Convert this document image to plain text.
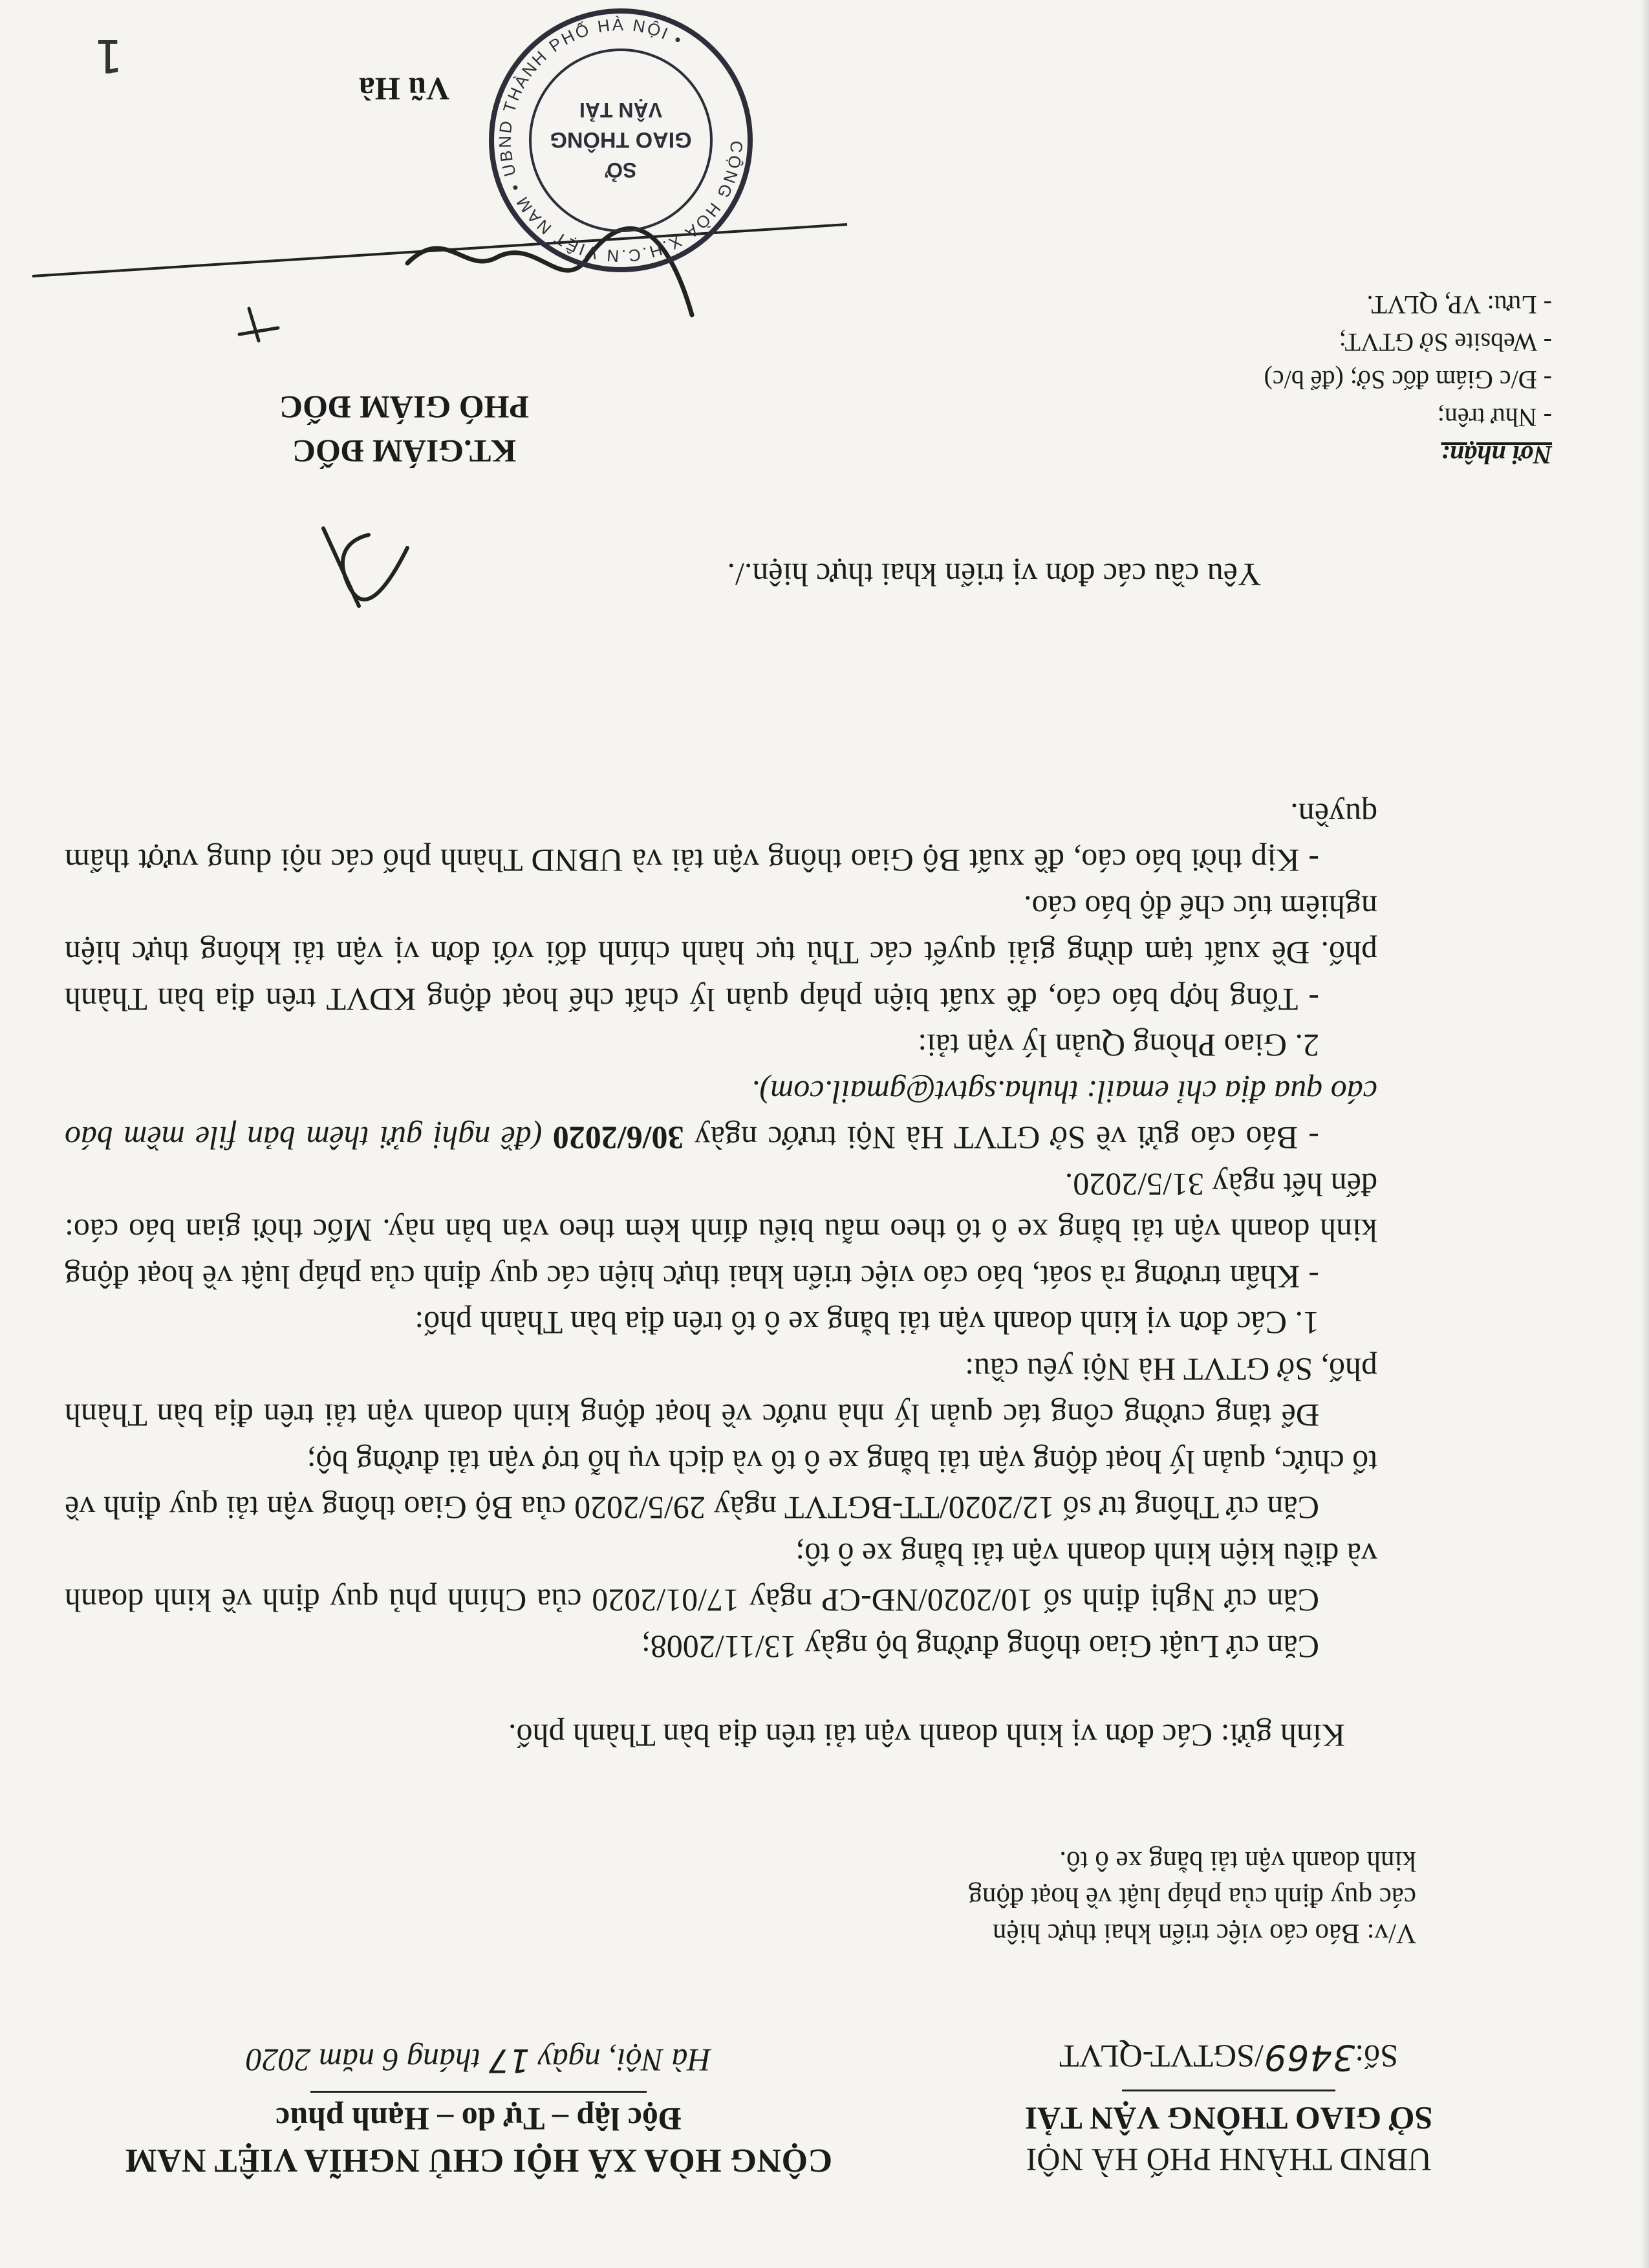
UBND THÀNH PHỐ HÀ NỘI
SỞ GIAO THÔNG VẬN TẢI
Số:3469/SGTVT-QLVT
V/v: Báo cáo việc triển khai thực hiện các quy định của pháp luật về hoạt động kinh doanh vận tải bằng xe ô tô.
CỘNG HÒA XÃ HỘI CHỦ NGHĨA VIỆT NAM
Độc lập – Tự do – Hạnh phúc
Hà Nội, ngày 17 tháng 6 năm 2020
Kính gửi: Các đơn vị kinh doanh vận tải trên địa bàn Thành phố.

Căn cứ Luật Giao thông đường bộ ngày 13/11/2008;

Căn cứ Nghị định số 10/2020/NĐ-CP ngày 17/01/2020 của Chính phủ quy định về kinh doanh và điều kiện kinh doanh vận tải bằng xe ô tô;

Căn cứ Thông tư số 12/2020/TT-BGTVT ngày 29/5/2020 của Bộ Giao thông vận tải quy định về tổ chức, quản lý hoạt động vận tải bằng xe ô tô và dịch vụ hỗ trợ vận tải đường bộ;

Để tăng cường công tác quản lý nhà nước về hoạt động kinh doanh vận tải trên địa bàn Thành phố, Sở GTVT Hà Nội yêu cầu:

1. Các đơn vị kinh doanh vận tải bằng xe ô tô trên địa bàn Thành phố:

- Khẩn trương rà soát, báo cáo việc triển khai thực hiện các quy định của pháp luật về hoạt động kinh doanh vận tải bằng xe ô tô theo mẫu biểu đính kèm theo văn bản này. Mốc thời gian báo cáo: đến hết ngày 31/5/2020.

- Báo cáo gửi về Sở GTVT Hà Nội trước ngày 30/6/2020 (đề nghị gửi thêm bản file mềm báo cáo qua địa chỉ email: thuha.sgtvt@gmail.com).

2. Giao Phòng Quản lý vận tải:

- Tổng hợp báo cáo, đề xuất biện pháp quản lý chất chế hoạt động KDVT trên địa bàn Thành phố. Đề xuất tạm dừng giải quyết các Thủ tục hành chính đối với đơn vị vận tải không thực hiện nghiêm túc chế độ báo cáo.

- Kịp thời báo cáo, đề xuất Bộ Giao thông vận tải và UBND Thành phố các nội dung vượt thẩm quyền.

Yêu cầu các đơn vị triển khai thực hiện./.
Nơi nhận:
- Như trên;
- Đ/c Giám đốc Sở; (để b/c)
- Website Sở GTVT;
- Lưu: VP, QLVT.
KT.GIÁM ĐỐC
PHÓ GIÁM ĐỐC
Vũ Hà
CỘNG HÒA X.H.C.N VIỆT NAM • UBND THÀNH PHỐ HÀ NỘI •
SỞ
GIAO THÔNG
VẬN TẢI
1
